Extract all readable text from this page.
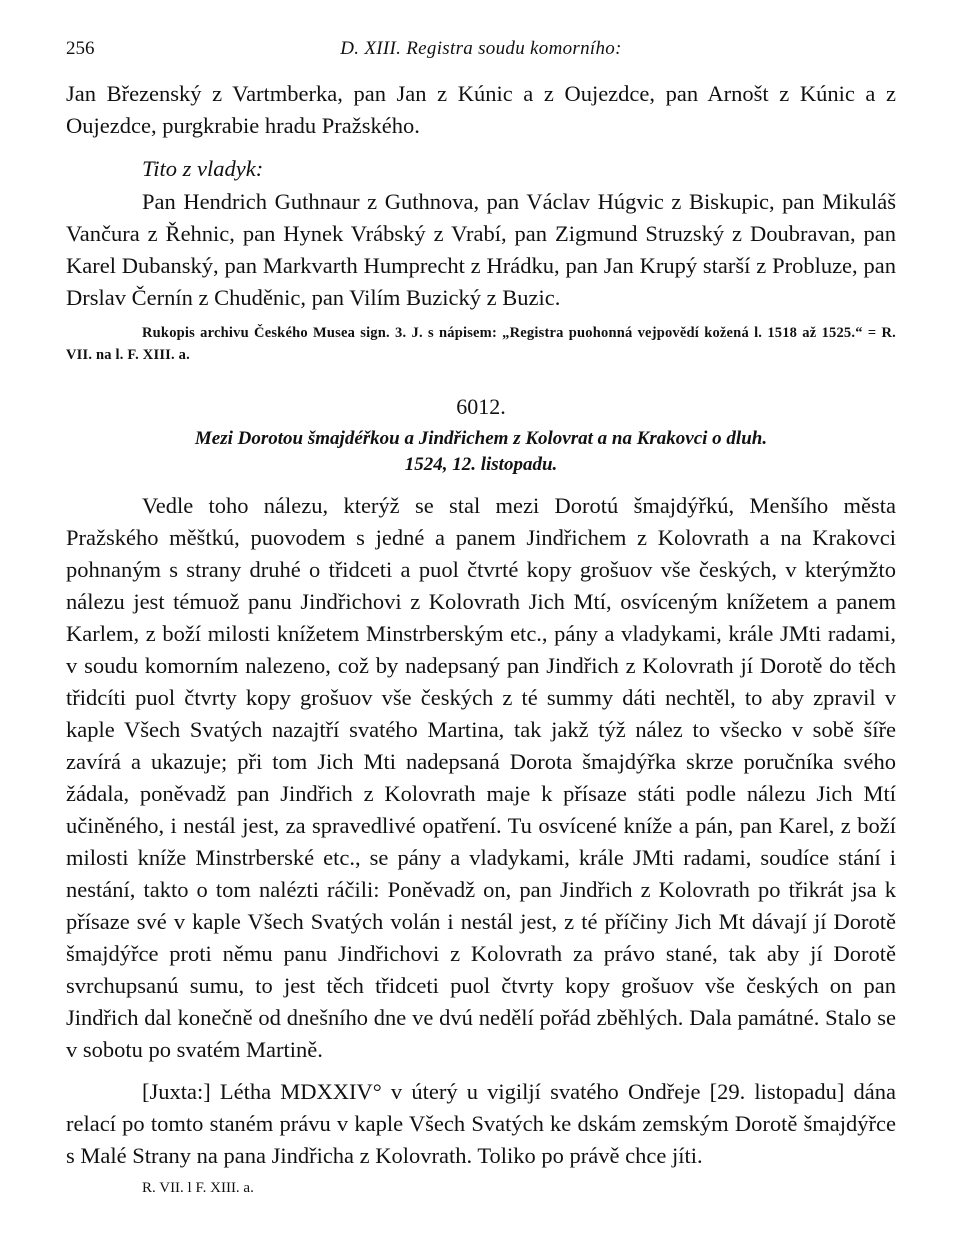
256	D. XIII. Registra soudu komorního:

Jan Březenský z Vartmberka, pan Jan z Kúnic a z Oujezdce, pan Arnošt z Kúnic a z Oujezdce, purgkrabie hradu Pražského.

Tito z vladyk:

Pan Hendrich Guthnaur z Guthnova, pan Václav Húgvic z Biskupic, pan Mikuláš Vančura z Řehnic, pan Hynek Vrábský z Vrabí, pan Zigmund Struzský z Doubravan, pan Karel Dubanský, pan Markvarth Humprecht z Hrádku, pan Jan Krupý starší z Probluze, pan Drslav Černín z Chuděnic, pan Vilím Buzický z Buzic.

Rukopis archivu Českého Musea sign. 3. J. s nápisem: „Registra puohonná vejpovědí kožená l. 1518 až 1525.“ = R. VII. na l. F. XIII. a.

6012.

Mezi Dorotou šmajdéřkou a Jindřichem z Kolovrat a na Krakovci o dluh.

1524, 12. listopadu.

Vedle toho nálezu, kterýž se stal mezi Dorotú šmajdýřkú, Menšího města Pražského měštkú, puovodem s jedné a panem Jindřichem z Kolovrath a na Krakovci pohnaným s strany druhé o třidceti a puol čtvrté kopy grošuov vše českých, v kterýmžto nálezu jest témuož panu Jindřichovi z Kolovrath Jich Mtí, osvíceným knížetem a panem Karlem, z boží milosti knížetem Minstrberským etc., pány a vladykami, krále JMti radami, v soudu komorním nalezeno, což by nadepsaný pan Jindřich z Kolovrath jí Dorotě do těch třidcíti puol čtvrty kopy grošuov vše českých z té summy dáti nechtěl, to aby zpravil v kaple Všech Svatých nazajtří svatého Martina, tak jakž týž nález to všecko v sobě šíře zavírá a ukazuje; při tom Jich Mti nadepsaná Dorota šmajdýřka skrze poručníka svého žádala, poněvadž pan Jindřich z Kolovrath maje k přísaze státi podle nálezu Jich Mtí učiněného, i nestál jest, za spravedlivé opatření. Tu osvícené kníže a pán, pan Karel, z boží milosti kníže Minstrberské etc., se pány a vladykami, krále JMti radami, soudíce stání i nestání, takto o tom nalézti ráčili: Poněvadž on, pan Jindřich z Kolovrath po třikrát jsa k přísaze své v kaple Všech Svatých volán i nestál jest, z té příčiny Jich Mt dávají jí Dorotě šmajdýřce proti němu panu Jindřichovi z Kolovrath za právo stané, tak aby jí Dorotě svrchupsanú sumu, to jest těch třidceti puol čtvrty kopy grošuov vše českých on pan Jindřich dal konečně od dnešního dne ve dvú nedělí pořád zběhlých. Dala památné. Stalo se v sobotu po svatém Martině.

[Juxta:] Létha MDXXIV° v úterý u vigiljí svatého Ondřeje [29. listopadu] dána relací po tomto staném právu v kaple Všech Svatých ke dskám zemským Dorotě šmajdýřce s Malé Strany na pana Jindřicha z Kolovrath. Toliko po právě chce jíti.

R. VII. l F. XIII. a.
